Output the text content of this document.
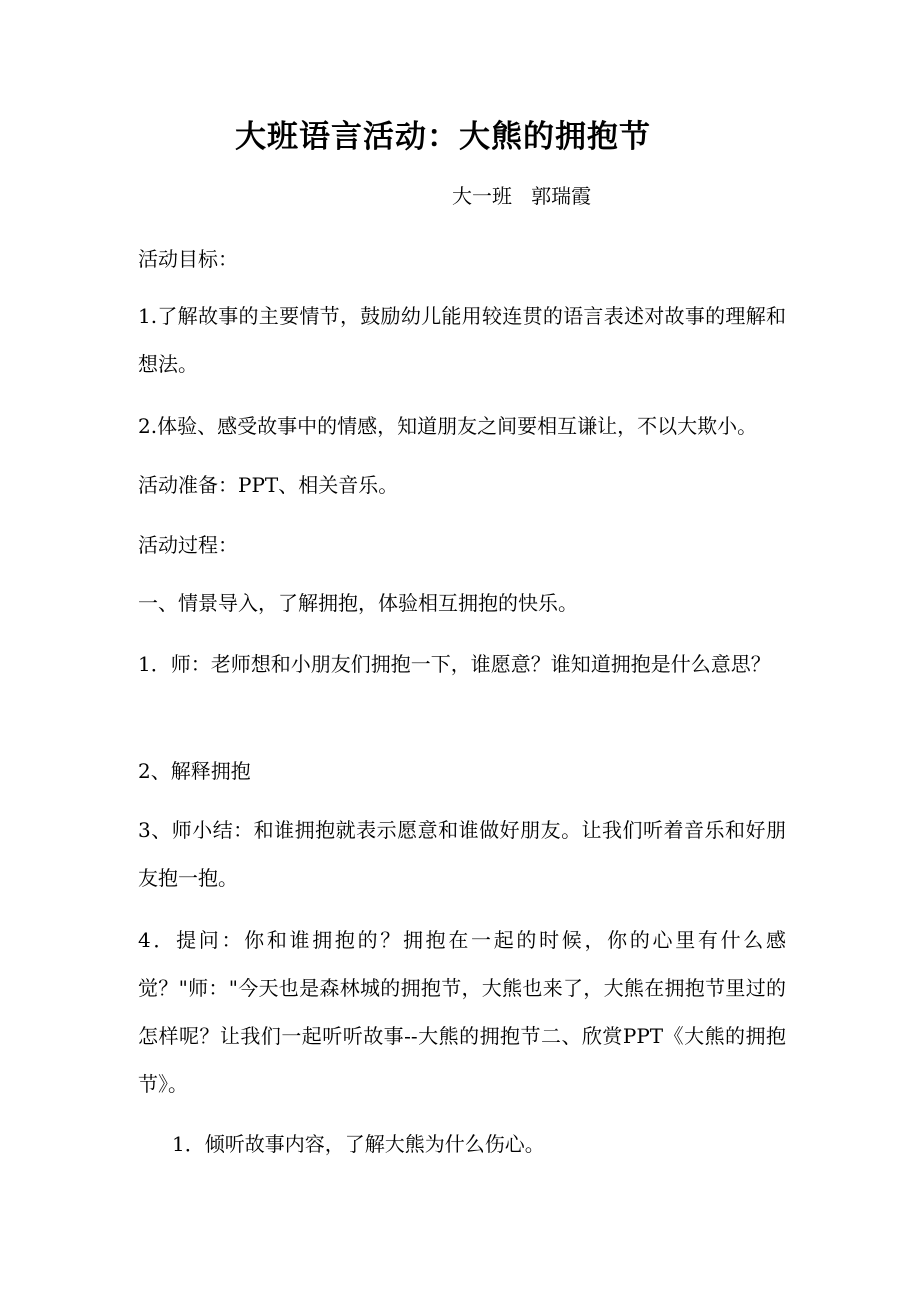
大班语言活动：大熊的拥抱节
大一班   郭瑞霞
活动目标：
1.了解故事的主要情节，鼓励幼儿能用较连贯的语言表述对故事的理解和想法。
2.体验、感受故事中的情感，知道朋友之间要相互谦让，不以大欺小。
活动准备：PPT、相关音乐。
活动过程：
一、情景导入，了解拥抱，体验相互拥抱的快乐。
1．师：老师想和小朋友们拥抱一下，谁愿意？谁知道拥抱是什么意思？
2、解释拥抱
3、师小结：和谁拥抱就表示愿意和谁做好朋友。让我们听着音乐和好朋友抱一抱。
4．提问：你和谁拥抱的？拥抱在一起的时候，你的心里有什么感觉？"师："今天也是森林城的拥抱节，大熊也来了，大熊在拥抱节里过的怎样呢？让我们一起听听故事--大熊的拥抱节二、欣赏PPT《大熊的拥抱节》。
1．倾听故事内容，了解大熊为什么伤心。
